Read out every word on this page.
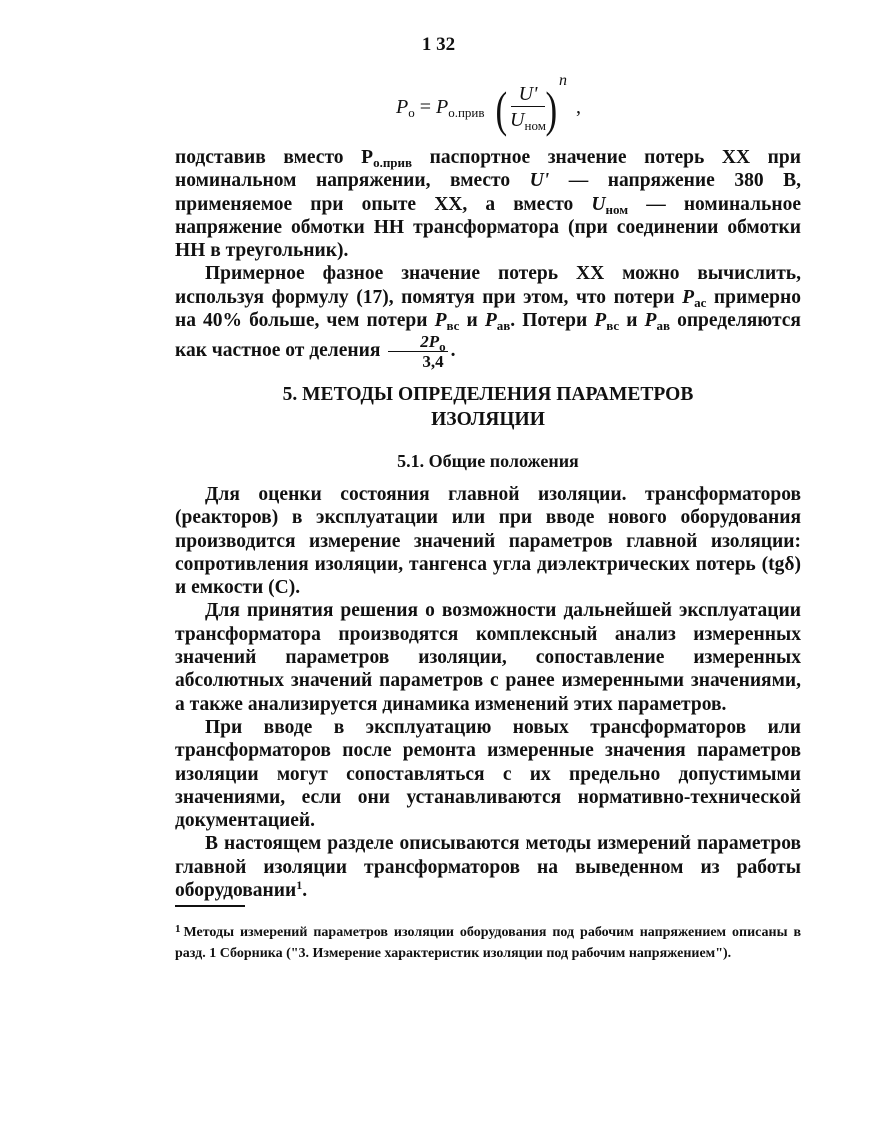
1 32
$P_о = P_{о.прив}$ ( U'
$U_{ном}$ )
n
,

подставив вместо $P_{о.прив}$ паспортное значение потерь XX при номинальном напряжении, вместо U' — напряжение 380 В, применяемое при опыте XX, а вместо $U_{ном}$ — номинальное напряжение обмотки НН трансформатора (при соединении обмотки НН в треугольник).

Примерное фазное значение потерь XX можно вычислить, используя формулу (17), помятуя при этом, что потери $P_{ac}$ примерно на 40% больше, чем потери $P_{вс}$ и $P_{ав}$. Потери $P_{вс}$ и $P_{ав}$ определяются как частное от деления $\frac{2P_о}{3,4}$ .

5. МЕТОДЫ ОПРЕДЕЛЕНИЯ ПАРАМЕТРОВ
ИЗОЛЯЦИИ
5.1. Общие положения

Для оценки состояния главной изоляции. трансформаторов (реакторов) в эксплуатации или при вводе нового оборудования производится измерение значений параметров главной изоляции: сопротивления изоляции, тангенса угла диэлектрических потерь (tgδ) и емкости (С).

Для принятия решения о возможности дальнейшей эксплуатации трансформатора производятся комплексный анализ измеренных значений параметров изоляции, сопоставление измеренных абсолютных значений параметров с ранее измеренными значениями, а также анализируется динамика изменений этих параметров.

При вводе в эксплуатацию новых трансформаторов или трансформаторов после ремонта измеренные значения параметров изоляции могут сопоставляться с их предельно допустимыми значениями, если они устанавливаются нормативно-технической документацией.

В настоящем разделе описываются методы измерений параметров главной изоляции трансформаторов на выведенном из работы оборудовании$^1$.

$^1$ Методы измерений параметров изоляции оборудования под рабочим напряжением описаны в разд. 1 Сборника ("3. Измерение характеристик изоляции под рабочим напряжением").
